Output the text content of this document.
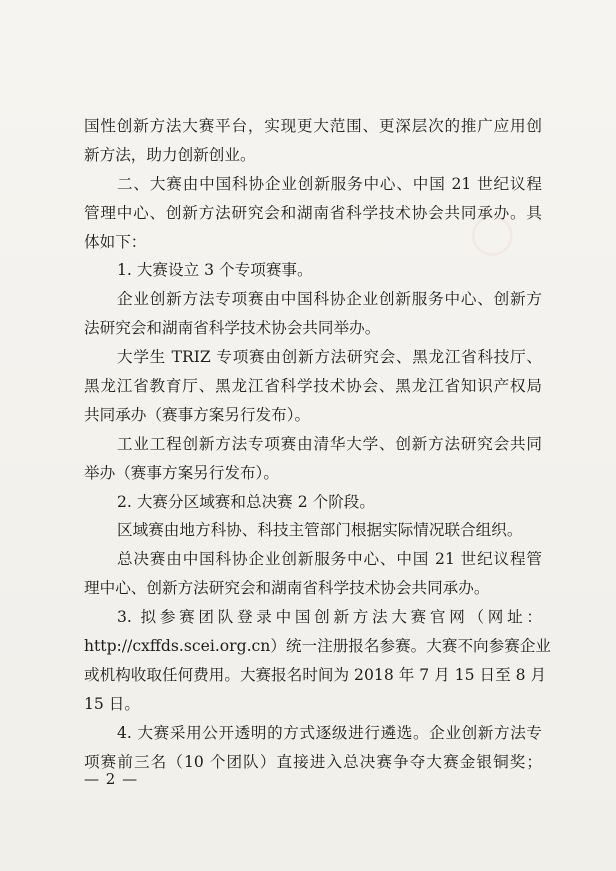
◯
国性创新方法大赛平台，实现更大范围、更深层次的推广应用创
新方法，助力创新创业。
二、大赛由中国科协企业创新服务中心、中国 21 世纪议程
管理中心、创新方法研究会和湖南省科学技术协会共同承办。具
体如下：
1. 大赛设立 3 个专项赛事。
企业创新方法专项赛由中国科协企业创新服务中心、创新方
法研究会和湖南省科学技术协会共同举办。
大学生 TRIZ 专项赛由创新方法研究会、黑龙江省科技厅、
黑龙江省教育厅、黑龙江省科学技术协会、黑龙江省知识产权局
共同承办（赛事方案另行发布）。
工业工程创新方法专项赛由清华大学、创新方法研究会共同
举办（赛事方案另行发布）。
2. 大赛分区域赛和总决赛 2 个阶段。
区域赛由地方科协、科技主管部门根据实际情况联合组织。
总决赛由中国科协企业创新服务中心、中国 21 世纪议程管
理中心、创新方法研究会和湖南省科学技术协会共同承办。
3. 拟参赛团队登录中国创新方法大赛官网（网址：
http://cxffds.scei.org.cn）统一注册报名参赛。大赛不向参赛企业
或机构收取任何费用。大赛报名时间为 2018 年 7 月 15 日至 8 月
15 日。
4. 大赛采用公开透明的方式逐级进行遴选。企业创新方法专
项赛前三名（10 个团队）直接进入总决赛争夺大赛金银铜奖；
— 2 —
